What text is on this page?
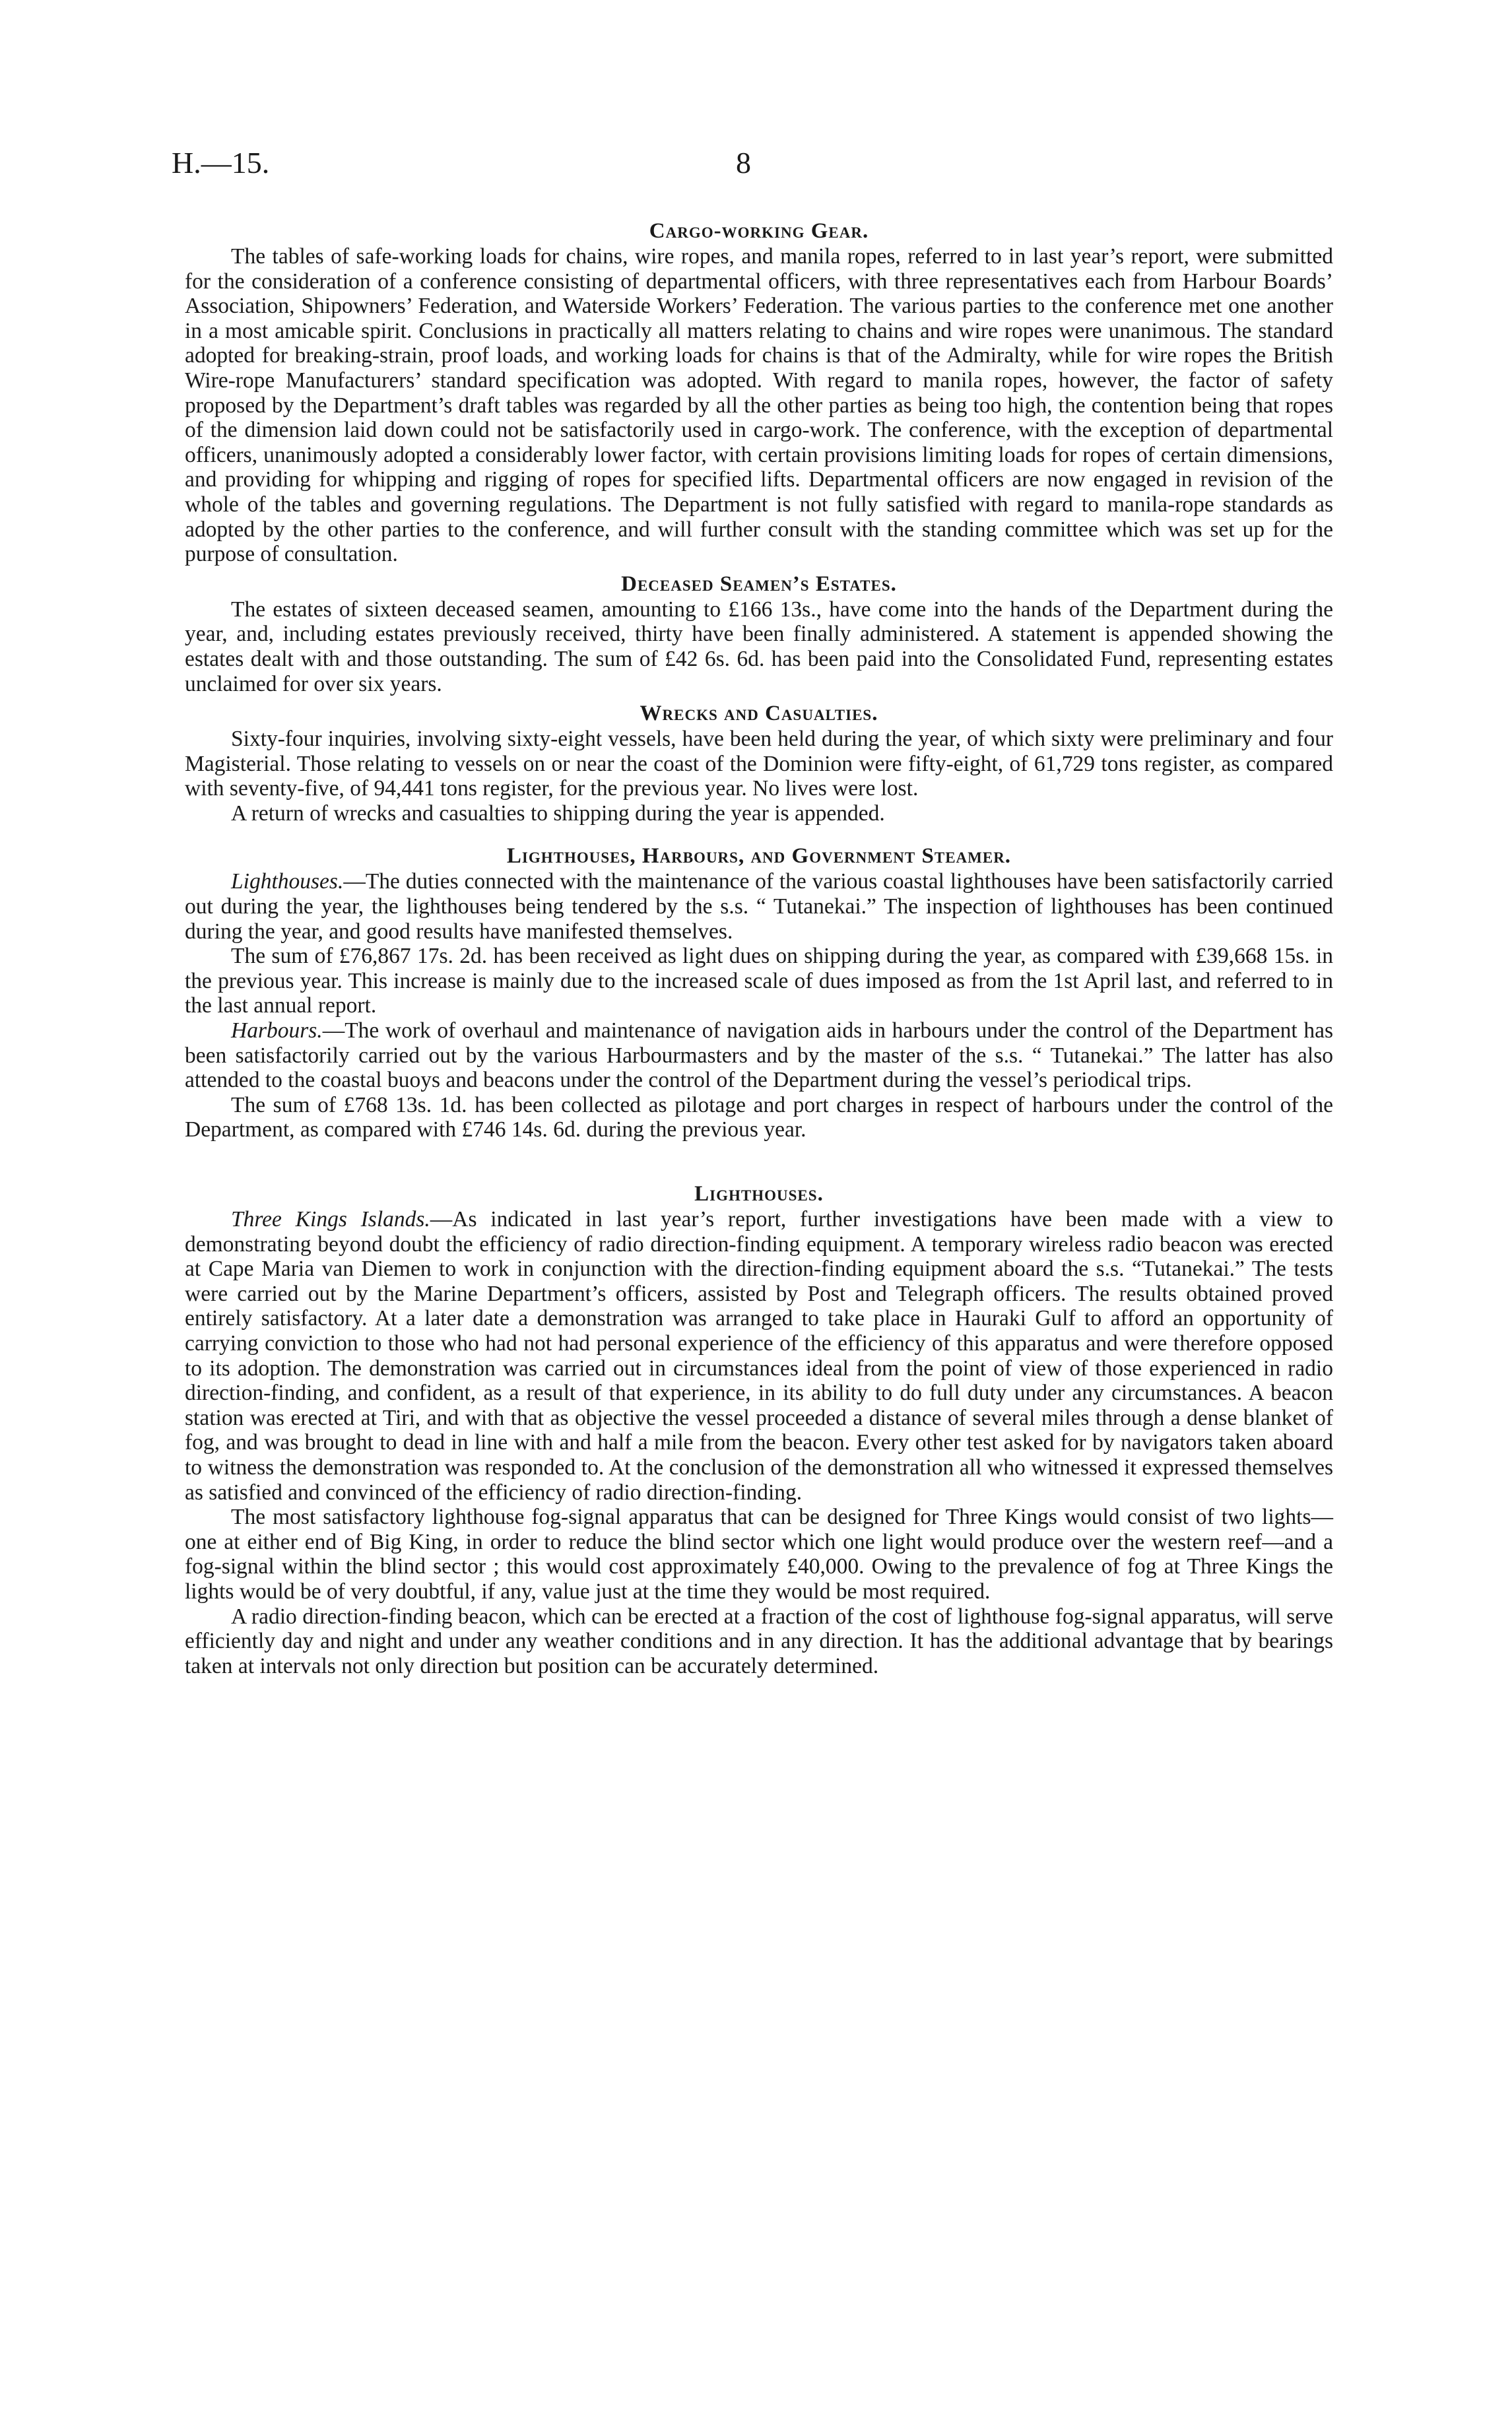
H.—15.	8
Cargo-working Gear.

The tables of safe-working loads for chains, wire ropes, and manila ropes, referred to in last year’s report, were submitted for the consideration of a conference consisting of departmental officers, with three representatives each from Harbour Boards’ Association, Shipowners’ Federation, and Waterside Workers’ Federation. The various parties to the conference met one another in a most amicable spirit. Conclusions in practically all matters relating to chains and wire ropes were unanimous. The standard adopted for breaking-strain, proof loads, and working loads for chains is that of the Admiralty, while for wire ropes the British Wire-rope Manufacturers’ standard specification was adopted. With regard to manila ropes, however, the factor of safety proposed by the Department’s draft tables was regarded by all the other parties as being too high, the contention being that ropes of the dimension laid down could not be satisfactorily used in cargo-work. The conference, with the exception of departmental officers, unanimously adopted a considerably lower factor, with certain provisions limiting loads for ropes of certain dimensions, and providing for whipping and rigging of ropes for specified lifts. Departmental officers are now engaged in revision of the whole of the tables and governing regulations. The Department is not fully satisfied with regard to manila-rope standards as adopted by the other parties to the conference, and will further consult with the standing committee which was set up for the purpose of consultation.

Deceased Seamen’s Estates.

The estates of sixteen deceased seamen, amounting to £166 13s., have come into the hands of the Department during the year, and, including estates previously received, thirty have been finally administered. A statement is appended showing the estates dealt with and those outstanding. The sum of £42 6s. 6d. has been paid into the Consolidated Fund, representing estates unclaimed for over six years.

Wrecks and Casualties.

Sixty-four inquiries, involving sixty-eight vessels, have been held during the year, of which sixty were preliminary and four Magisterial. Those relating to vessels on or near the coast of the Dominion were fifty-eight, of 61,729 tons register, as compared with seventy-five, of 94,441 tons register, for the previous year. No lives were lost.

A return of wrecks and casualties to shipping during the year is appended.

Lighthouses, Harbours, and Government Steamer.

Lighthouses.—The duties connected with the maintenance of the various coastal lighthouses have been satisfactorily carried out during the year, the lighthouses being tendered by the s.s. “ Tutanekai.” The inspection of lighthouses has been continued during the year, and good results have manifested themselves.

The sum of £76,867 17s. 2d. has been received as light dues on shipping during the year, as compared with £39,668 15s. in the previous year. This increase is mainly due to the increased scale of dues imposed as from the 1st April last, and referred to in the last annual report.

Harbours.—The work of overhaul and maintenance of navigation aids in harbours under the control of the Department has been satisfactorily carried out by the various Harbourmasters and by the master of the s.s. “ Tutanekai.” The latter has also attended to the coastal buoys and beacons under the control of the Department during the vessel’s periodical trips.

The sum of £768 13s. 1d. has been collected as pilotage and port charges in respect of harbours under the control of the Department, as compared with £746 14s. 6d. during the previous year.

Lighthouses.

Three Kings Islands.—As indicated in last year’s report, further investigations have been made with a view to demonstrating beyond doubt the efficiency of radio direction-finding equipment. A temporary wireless radio beacon was erected at Cape Maria van Diemen to work in conjunction with the direction-finding equipment aboard the s.s. “Tutanekai.” The tests were carried out by the Marine Department’s officers, assisted by Post and Telegraph officers. The results obtained proved entirely satisfactory. At a later date a demonstration was arranged to take place in Hauraki Gulf to afford an opportunity of carrying conviction to those who had not had personal experience of the efficiency of this apparatus and were therefore opposed to its adoption. The demonstration was carried out in circumstances ideal from the point of view of those experienced in radio direction-finding, and confident, as a result of that experience, in its ability to do full duty under any circumstances. A beacon station was erected at Tiri, and with that as objective the vessel proceeded a distance of several miles through a dense blanket of fog, and was brought to dead in line with and half a mile from the beacon. Every other test asked for by navigators taken aboard to witness the demonstration was responded to. At the conclusion of the demonstration all who witnessed it expressed themselves as satisfied and convinced of the efficiency of radio direction-finding.

The most satisfactory lighthouse fog-signal apparatus that can be designed for Three Kings would consist of two lights—one at either end of Big King, in order to reduce the blind sector which one light would produce over the western reef—and a fog-signal within the blind sector ; this would cost approximately £40,000. Owing to the prevalence of fog at Three Kings the lights would be of very doubtful, if any, value just at the time they would be most required.

A radio direction-finding beacon, which can be erected at a fraction of the cost of lighthouse fog-signal apparatus, will serve efficiently day and night and under any weather conditions and in any direction. It has the additional advantage that by bearings taken at intervals not only direction but position can be accurately determined.
